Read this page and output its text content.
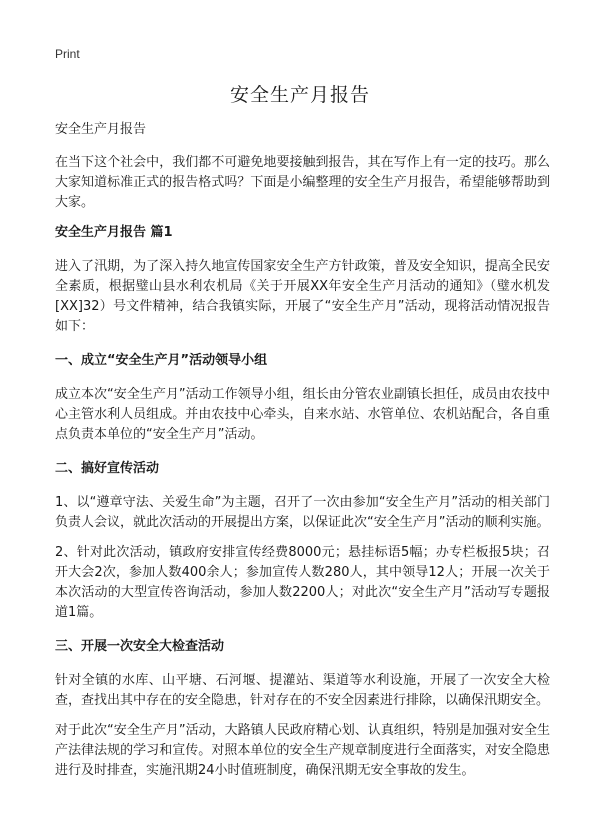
Print
安全生产月报告

安全生产月报告

在当下这个社会中，我们都不可避免地要接触到报告，其在写作上有一定的技巧。那么大家知道标准正式的报告格式吗？下面是小编整理的安全生产月报告，希望能够帮助到大家。

安全生产月报告 篇1

进入了汛期，为了深入持久地宣传国家安全生产方针政策，普及安全知识，提高全民安全素质，根据璧山县水利农机局《关于开展XX年安全生产月活动的通知》（璧水机发[XX]32）号文件精神，结合我镇实际，开展了“安全生产月”活动，现将活动情况报告如下：

一、成立“安全生产月”活动领导小组

成立本次“安全生产月”活动工作领导小组，组长由分管农业副镇长担任，成员由农技中心主管水利人员组成。并由农技中心牵头，自来水站、水管单位、农机站配合，各自重点负责本单位的“安全生产月”活动。

二、搞好宣传活动

1、以“遵章守法、关爱生命”为主题，召开了一次由参加“安全生产月”活动的相关部门负责人会议，就此次活动的开展提出方案，以保证此次“安全生产月”活动的顺利实施。

2、针对此次活动，镇政府安排宣传经费8000元；悬挂标语5幅；办专栏板报5块；召开大会2次，参加人数400余人；参加宣传人数280人，其中领导12人；开展一次关于本次活动的大型宣传咨询活动，参加人数2200人；对此次“安全生产月”活动写专题报道1篇。

三、开展一次安全大检查活动

针对全镇的水库、山平塘、石河堰、提灌站、渠道等水利设施，开展了一次安全大检查，查找出其中存在的安全隐患，针对存在的不安全因素进行排除，以确保汛期安全。

对于此次“安全生产月”活动，大路镇人民政府精心划、认真组织，特别是加强对安全生产法律法规的学习和宣传。对照本单位的安全生产规章制度进行全面落实，对安全隐患进行及时排查，实施汛期24小时值班制度，确保汛期无安全事故的发生。
